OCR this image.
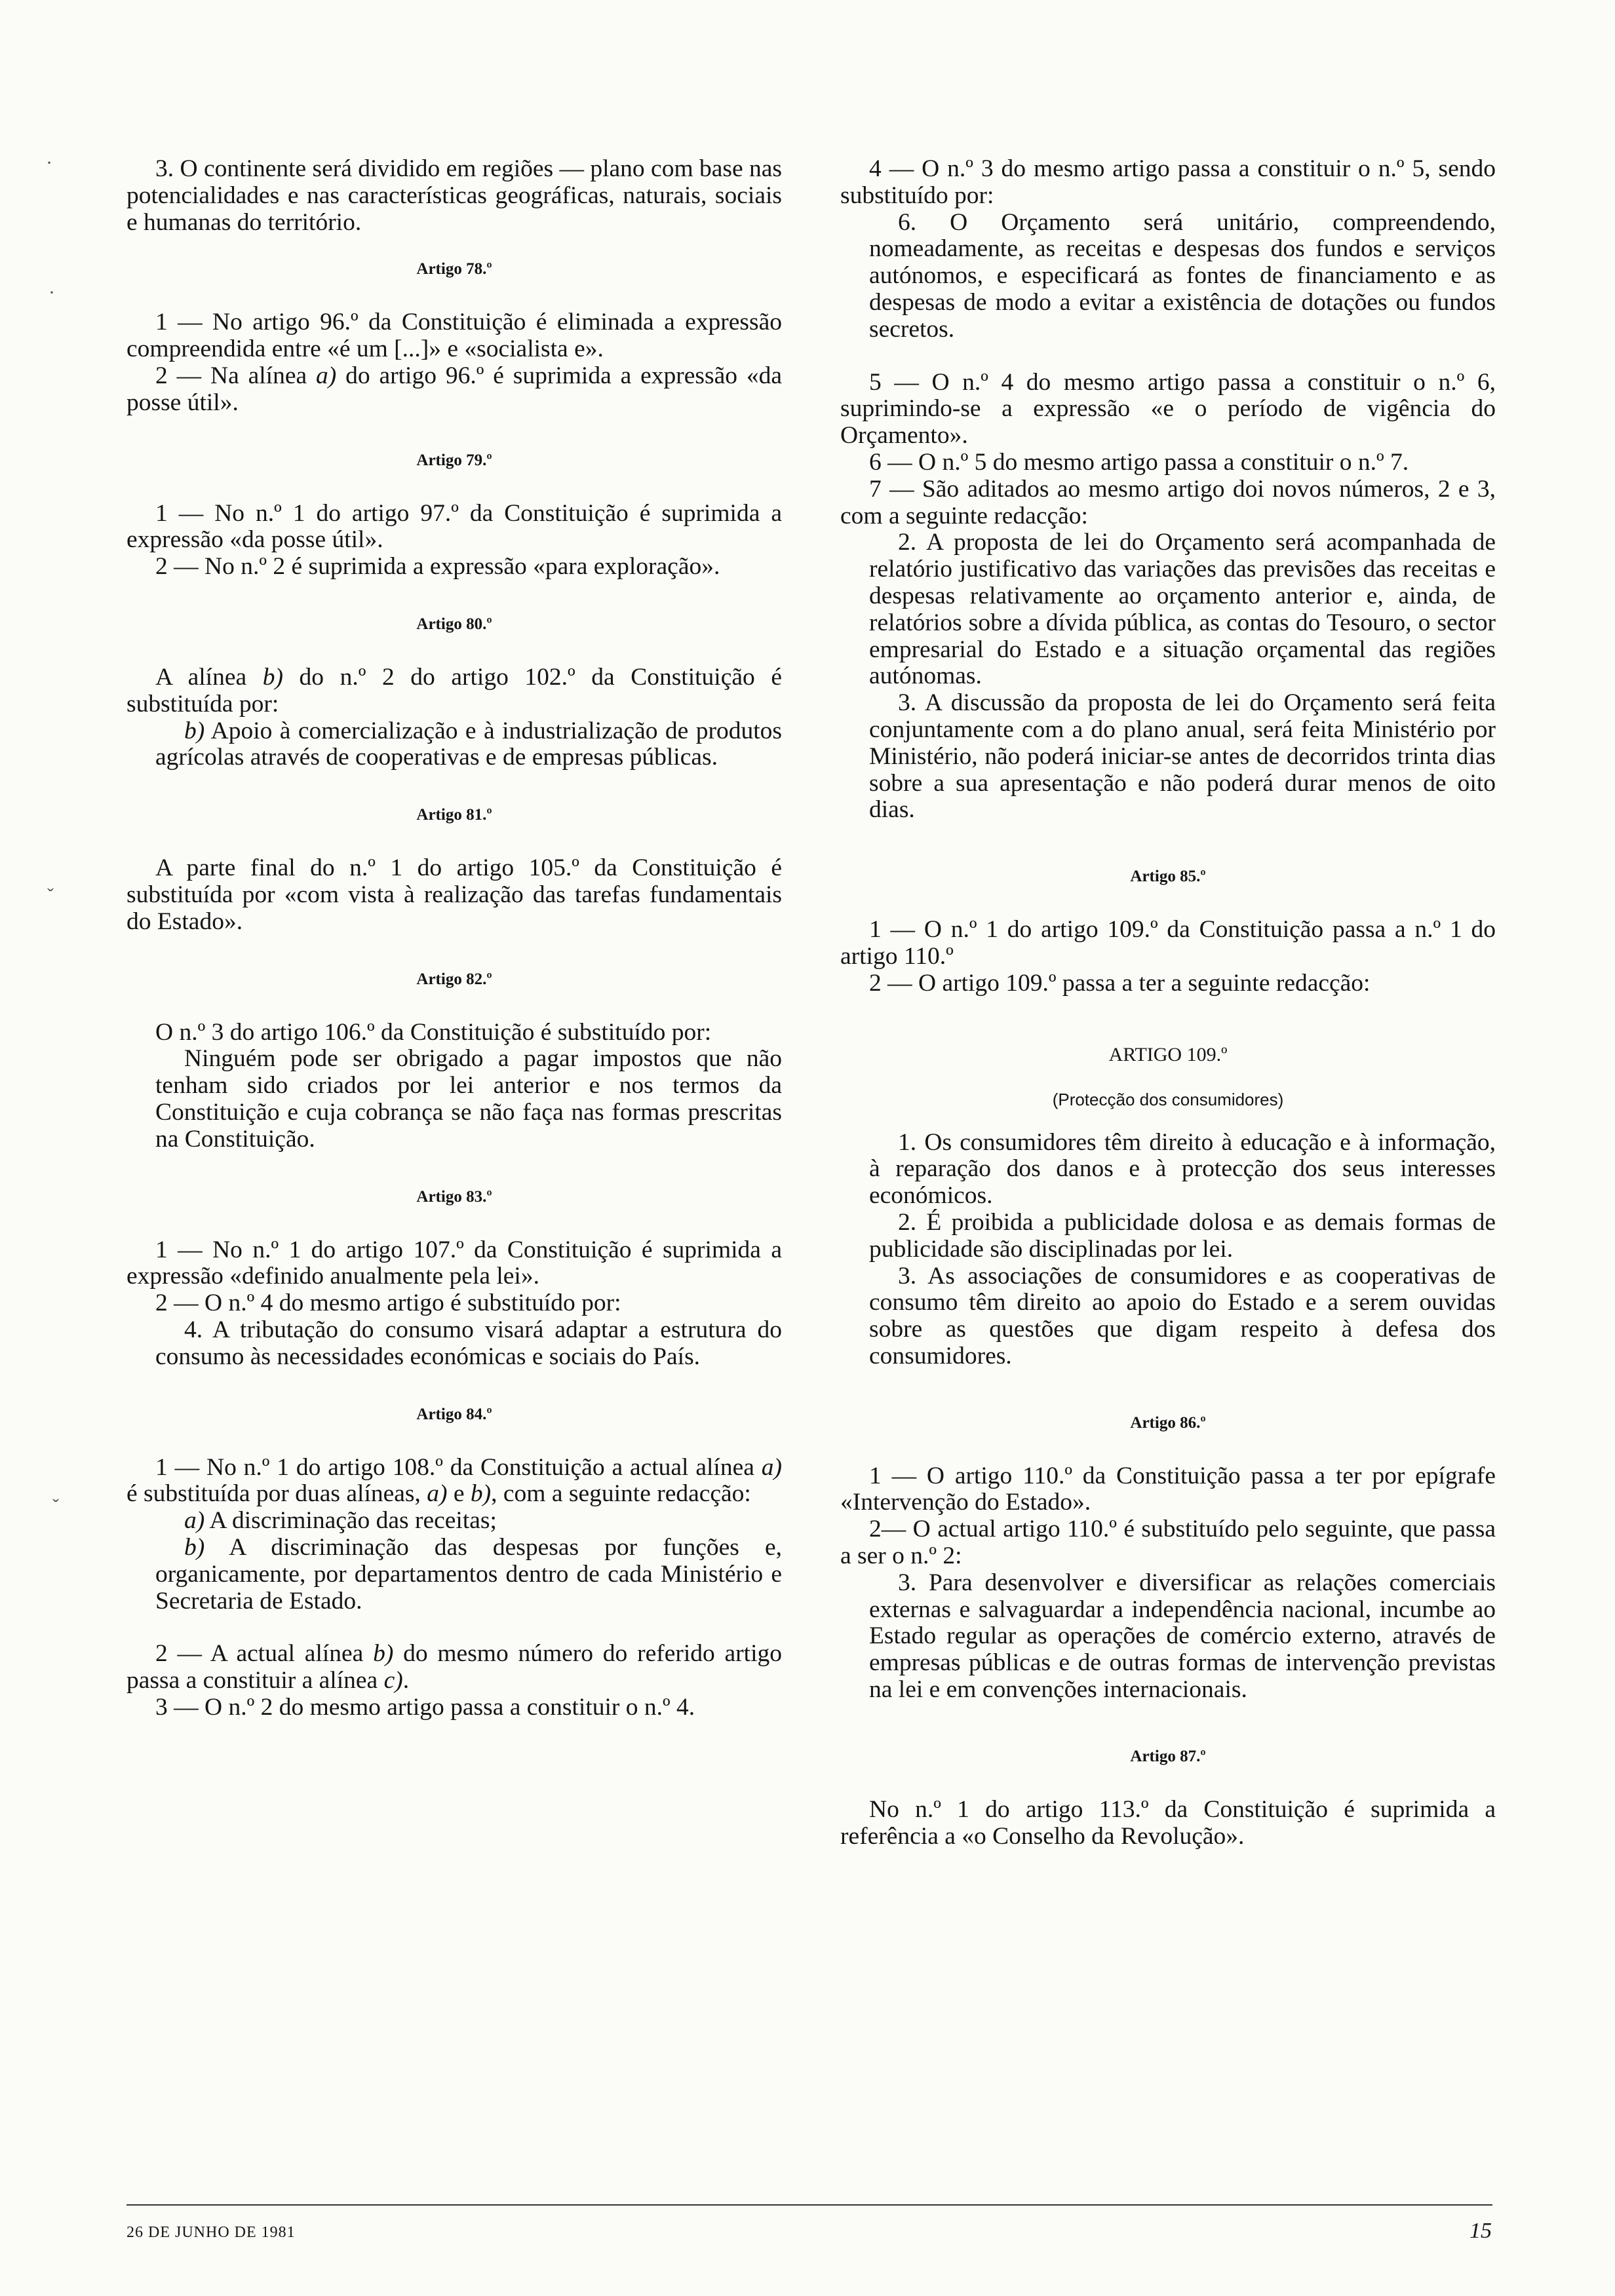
3. O continente será dividido em regiões — plano com base nas potencialidades e nas características geográficas, naturais, sociais e humanas do território.

Artigo 78.º

1 — No artigo 96.º da Constituição é eliminada a expressão compreendida entre «é um [...]» e «socialista e».

2 — Na alínea a) do artigo 96.º é suprimida a expressão «da posse útil».

Artigo 79.º

1 — No n.º 1 do artigo 97.º da Constituição é suprimida a expressão «da posse útil».

2 — No n.º 2 é suprimida a expressão «para exploração».

Artigo 80.º

A alínea b) do n.º 2 do artigo 102.º da Constituição é substituída por:

b) Apoio à comercialização e à industrialização de produtos agrícolas através de cooperativas e de empresas públicas.

Artigo 81.º

A parte final do n.º 1 do artigo 105.º da Constituição é substituída por «com vista à realização das tarefas fundamentais do Estado».

Artigo 82.º

O n.º 3 do artigo 106.º da Constituição é substituído por:

Ninguém pode ser obrigado a pagar impostos que não tenham sido criados por lei anterior e nos termos da Constituição e cuja cobrança se não faça nas formas prescritas na Constituição.

Artigo 83.º

1 — No n.º 1 do artigo 107.º da Constituição é suprimida a expressão «definido anualmente pela lei».

2 — O n.º 4 do mesmo artigo é substituído por:

4. A tributação do consumo visará adaptar a estrutura do consumo às necessidades económicas e sociais do País.

Artigo 84.º

1 — No n.º 1 do artigo 108.º da Constituição a actual alínea a) é substituída por duas alíneas, a) e b), com a seguinte redacção:

a) A discriminação das receitas;

b) A discriminação das despesas por funções e, organicamente, por departamentos dentro de cada Ministério e Secretaria de Estado.

2 — A actual alínea b) do mesmo número do referido artigo passa a constituir a alínea c).

3 — O n.º 2 do mesmo artigo passa a constituir o n.º 4.

4 — O n.º 3 do mesmo artigo passa a constituir o n.º 5, sendo substituído por:

6. O Orçamento será unitário, compreendendo, nomeadamente, as receitas e despesas dos fundos e serviços autónomos, e especificará as fontes de financiamento e as despesas de modo a evitar a existência de dotações ou fundos secretos.

5 — O n.º 4 do mesmo artigo passa a constituir o n.º 6, suprimindo-se a expressão «e o período de vigência do Orçamento».

6 — O n.º 5 do mesmo artigo passa a constituir o n.º 7.

7 — São aditados ao mesmo artigo doi novos números, 2 e 3, com a seguinte redacção:

2. A proposta de lei do Orçamento será acompanhada de relatório justificativo das variações das previsões das receitas e despesas relativamente ao orçamento anterior e, ainda, de relatórios sobre a dívida pública, as contas do Tesouro, o sector empresarial do Estado e a situação orçamental das regiões autónomas.

3. A discussão da proposta de lei do Orçamento será feita conjuntamente com a do plano anual, será feita Ministério por Ministério, não poderá iniciar-se antes de decorridos trinta dias sobre a sua apresentação e não poderá durar menos de oito dias.

Artigo 85.º

1 — O n.º 1 do artigo 109.º da Constituição passa a n.º 1 do artigo 110.º

2 — O artigo 109.º passa a ter a seguinte redacção:

ARTIGO 109.º
(Protecção dos consumidores)

1. Os consumidores têm direito à educação e à informação, à reparação dos danos e à protecção dos seus interesses económicos.

2. É proibida a publicidade dolosa e as demais formas de publicidade são disciplinadas por lei.

3. As associações de consumidores e as cooperativas de consumo têm direito ao apoio do Estado e a serem ouvidas sobre as questões que digam respeito à defesa dos consumidores.

Artigo 86.º

1 — O artigo 110.º da Constituição passa a ter por epígrafe «Intervenção do Estado».

2— O actual artigo 110.º é substituído pelo seguinte, que passa a ser o n.º 2:

3. Para desenvolver e diversificar as relações comerciais externas e salvaguardar a independência nacional, incumbe ao Estado regular as operações de comércio externo, através de empresas públicas e de outras formas de intervenção previstas na lei e em convenções internacionais.

Artigo 87.º

No n.º 1 do artigo 113.º da Constituição é suprimida a referência a «o Conselho da Revolução».

·
·
ˇ
ˇ
26 DE JUNHO DE 1981	15
